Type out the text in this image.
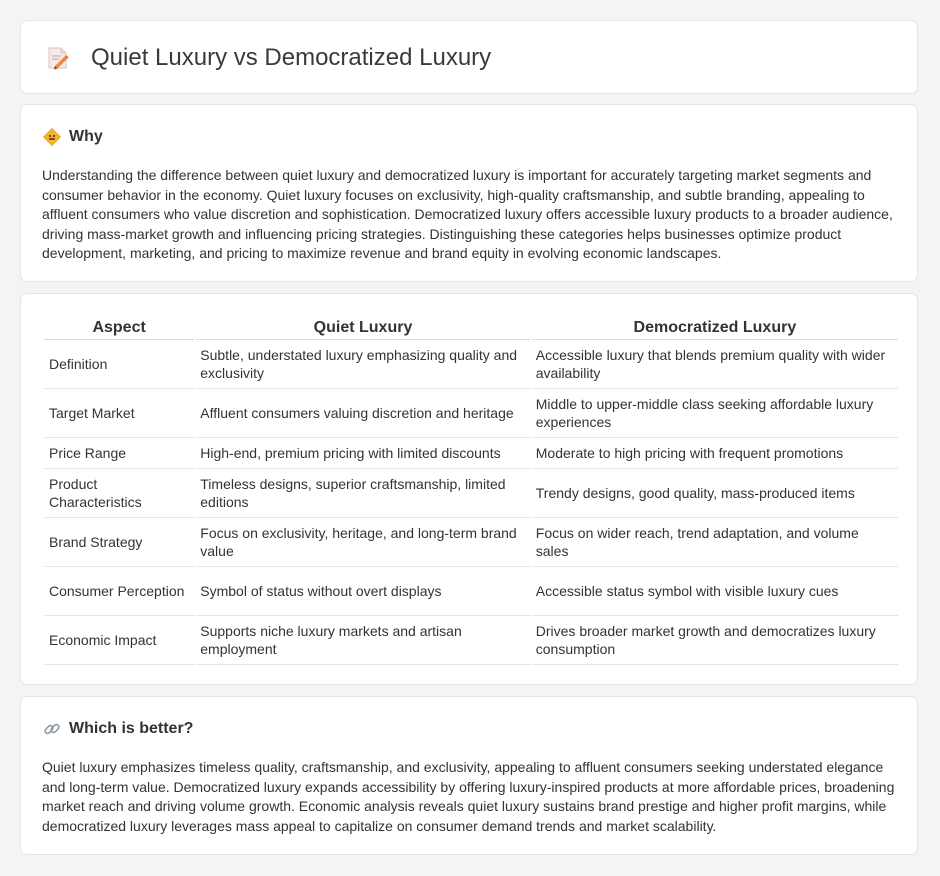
Quiet Luxury vs Democratized Luxury
Why

Understanding the difference between quiet luxury and democratized luxury is important for accurately targeting market segments and consumer behavior in the economy. Quiet luxury focuses on exclusivity, high-quality craftsmanship, and subtle branding, appealing to affluent consumers who value discretion and sophistication. Democratized luxury offers accessible luxury products to a broader audience, driving mass-market growth and influencing pricing strategies. Distinguishing these categories helps businesses optimize product development, marketing, and pricing to maximize revenue and brand equity in evolving economic landscapes.

Aspect	Quiet Luxury	Democratized Luxury
Definition	Subtle, understated luxury emphasizing quality and exclusivity	Accessible luxury that blends premium quality with wider availability
Target Market	Affluent consumers valuing discretion and heritage	Middle to upper-middle class seeking affordable luxury experiences
Price Range	High-end, premium pricing with limited discounts	Moderate to high pricing with frequent promotions
Product Characteristics	Timeless designs, superior craftsmanship, limited editions	Trendy designs, good quality, mass-produced items
Brand Strategy	Focus on exclusivity, heritage, and long-term brand value	Focus on wider reach, trend adaptation, and volume sales
Consumer Perception	Symbol of status without overt displays	Accessible status symbol with visible luxury cues
Economic Impact	Supports niche luxury markets and artisan employment	Drives broader market growth and democratizes luxury consumption
Which is better?

Quiet luxury emphasizes timeless quality, craftsmanship, and exclusivity, appealing to affluent consumers seeking understated elegance and long-term value. Democratized luxury expands accessibility by offering luxury-inspired products at more affordable prices, broadening market reach and driving volume growth. Economic analysis reveals quiet luxury sustains brand prestige and higher profit margins, while democratized luxury leverages mass appeal to capitalize on consumer demand trends and market scalability.
